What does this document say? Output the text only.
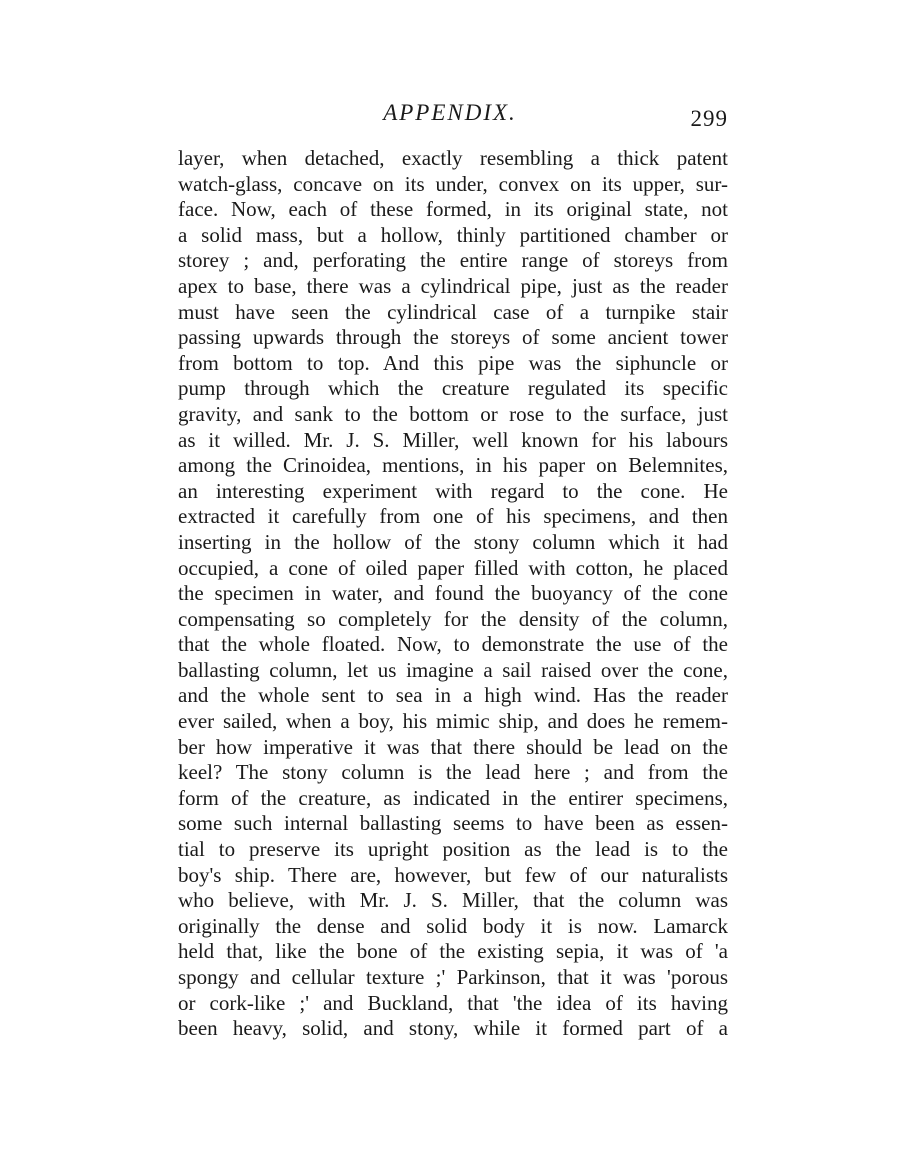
APPENDIX.	299
layer, when detached, exactly resembling a thick patent
watch-glass, concave on its under, convex on its upper, sur-
face. Now, each of these formed, in its original state, not
a solid mass, but a hollow, thinly partitioned chamber or
storey ; and, perforating the entire range of storeys from
apex to base, there was a cylindrical pipe, just as the reader
must have seen the cylindrical case of a turnpike stair
passing upwards through the storeys of some ancient tower
from bottom to top. And this pipe was the siphuncle or
pump through which the creature regulated its specific
gravity, and sank to the bottom or rose to the surface, just
as it willed. Mr. J. S. Miller, well known for his labours
among the Crinoidea, mentions, in his paper on Belemnites,
an interesting experiment with regard to the cone. He
extracted it carefully from one of his specimens, and then
inserting in the hollow of the stony column which it had
occupied, a cone of oiled paper filled with cotton, he placed
the specimen in water, and found the buoyancy of the cone
compensating so completely for the density of the column,
that the whole floated. Now, to demonstrate the use of the
ballasting column, let us imagine a sail raised over the cone,
and the whole sent to sea in a high wind. Has the reader
ever sailed, when a boy, his mimic ship, and does he remem-
ber how imperative it was that there should be lead on the
keel? The stony column is the lead here ; and from the
form of the creature, as indicated in the entirer specimens,
some such internal ballasting seems to have been as essen-
tial to preserve its upright position as the lead is to the
boy's ship. There are, however, but few of our naturalists
who believe, with Mr. J. S. Miller, that the column was
originally the dense and solid body it is now. Lamarck
held that, like the bone of the existing sepia, it was of 'a
spongy and cellular texture ;' Parkinson, that it was 'porous
or cork-like ;' and Buckland, that 'the idea of its having
been heavy, solid, and stony, while it formed part of a
